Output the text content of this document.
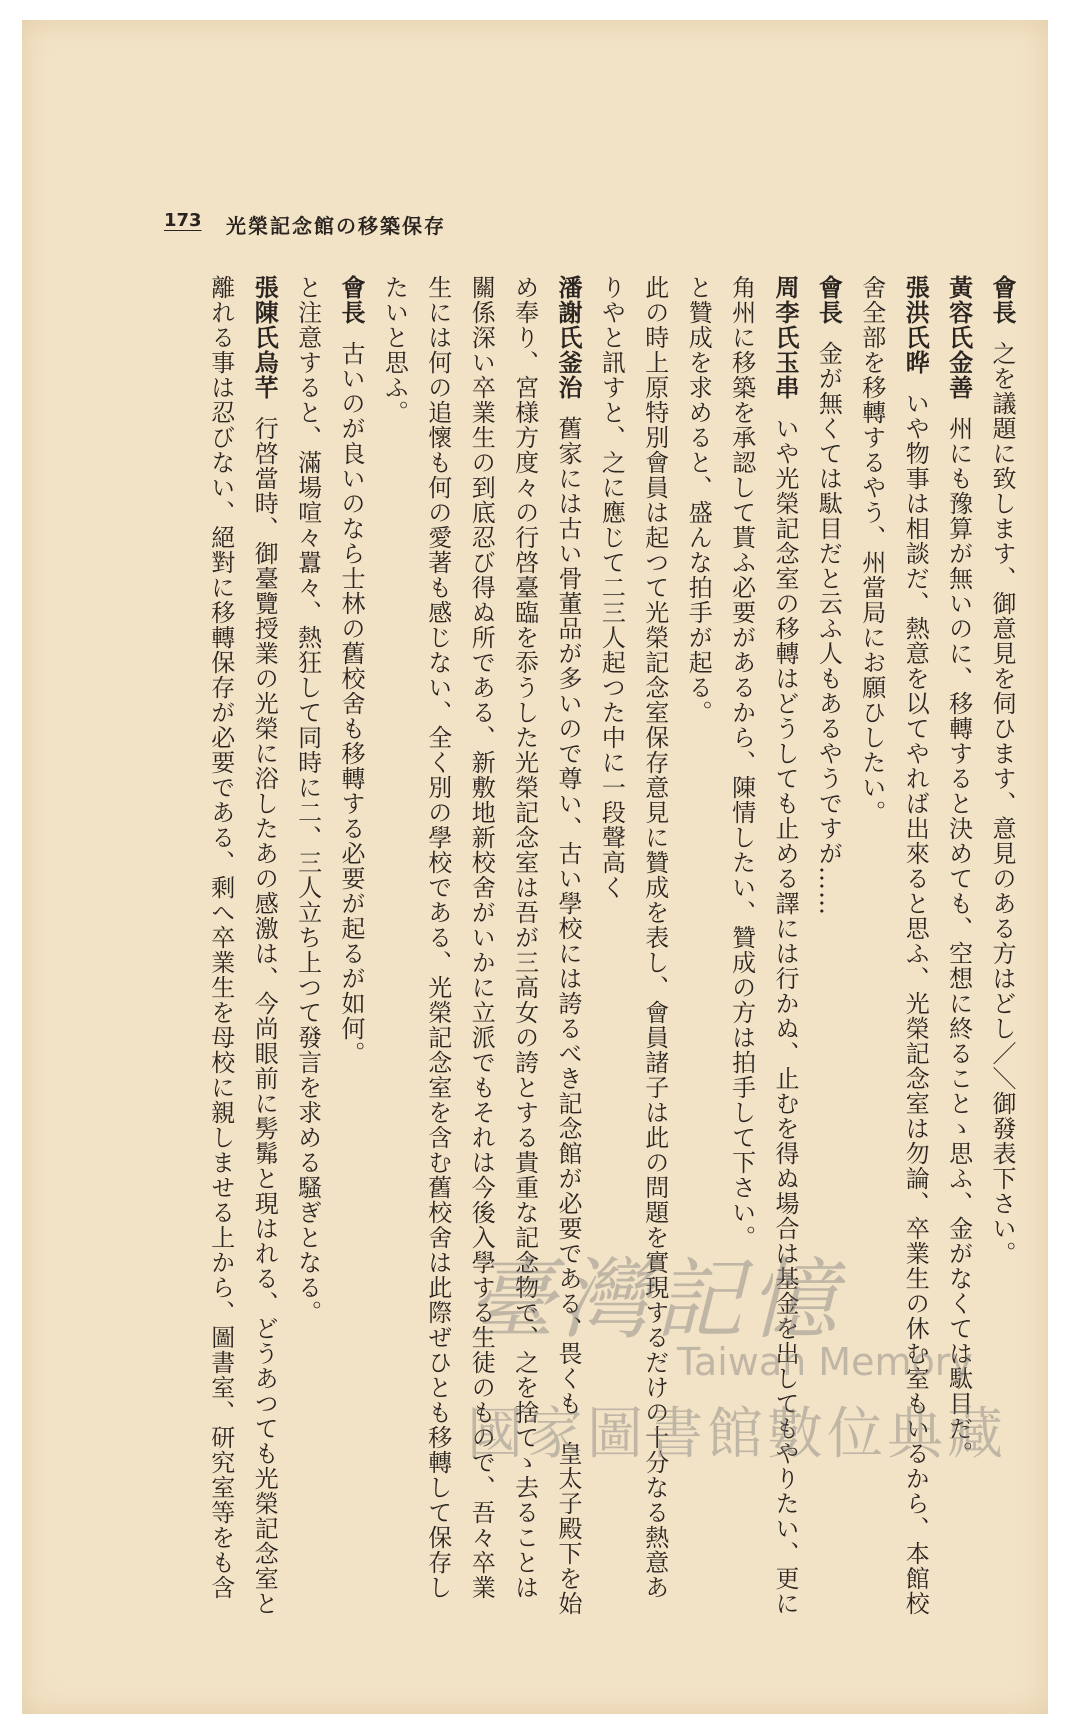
173 光榮記念館の移築保存
會長之を議題に致します、御意見を伺ひます、意見のある方はどし／＼御發表下さい。
黃容氏金善州にも豫算が無いのに、移轉すると決めても、空想に終ることゝ思ふ、金がなくては駄目だ。
張洪氏晔いや物事は相談だ、熱意を以てやれば出來ると思ふ、光榮記念室は勿論、卒業生の休む室もいるから、本館校
舍全部を移轉するやう、州當局にお願ひしたい。
會長金が無くては駄目だと云ふ人もあるやうですが……
周李氏玉串いや光榮記念室の移轉はどうしても止める譯には行かぬ、止むを得ぬ場合は基金を出してもやりたい、更に
角州に移築を承認して貰ふ必要があるから、陳情したい、贊成の方は拍手して下さい。
と贊成を求めると、盛んな拍手が起る。
此の時上原特別會員は起つて光榮記念室保存意見に贊成を表し、會員諸子は此の問題を實現するだけの十分なる熱意あ
りやと訊すと、之に應じて二三人起つた中に一段聲高く
潘謝氏釜治舊家には古い骨董品が多いので尊い、古い學校には誇るべき記念館が必要である、畏くも　皇太子殿下を始
め奉り、宮様方度々の行啓臺臨を忝うした光榮記念室は吾が三高女の誇とする貴重な記念物で、之を捨てゝ去ることは
關係深い卒業生の到底忍び得ぬ所である、新敷地新校舍がいかに立派でもそれは今後入學する生徒のもので、吾々卒業
生には何の追懷も何の愛著も感じない、全く別の學校である、光榮記念室を含む舊校舍は此際ぜひとも移轉して保存し
たいと思ふ。
會長古いのが良いのなら士林の舊校舍も移轉する必要が起るが如何。
と注意すると、滿場喧々囂々、熱狂して同時に二、三人立ち上つて發言を求める騷ぎとなる。
張陳氏烏芊行啓當時、御臺覽授業の光榮に浴したあの感激は、今尚眼前に髣髴と現はれる、どうあつても光榮記念室と
離れる事は忍びない、絕對に移轉保存が必要である、剩へ卒業生を母校に親しませる上から、圖書室、研究室等をも含	臺灣記憶
Taiwan Memory
國家圖書館數位典藏
